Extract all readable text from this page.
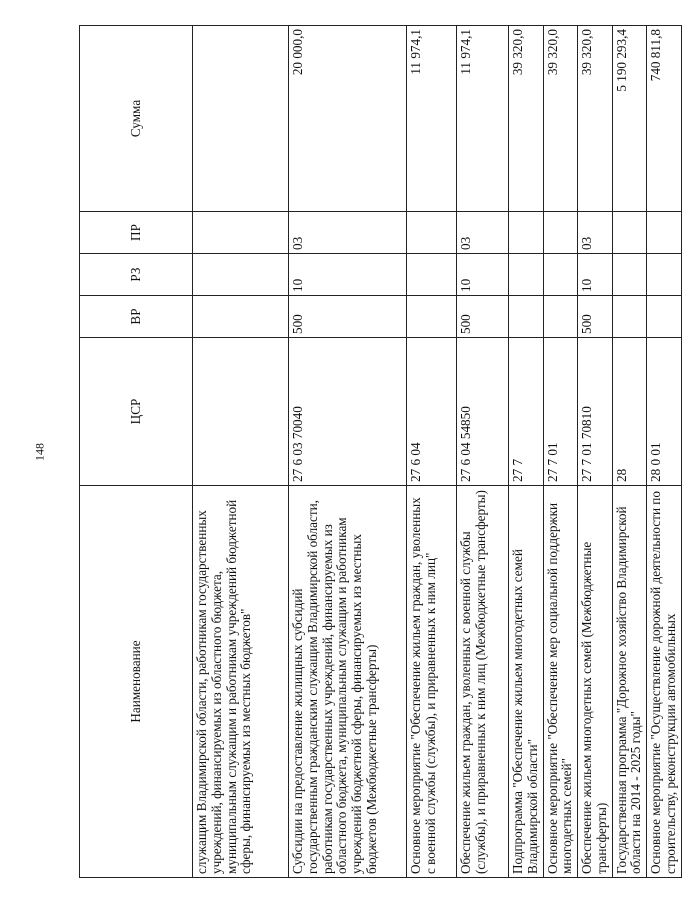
148
Наименование	ЦСР	ВР	РЗ	ПР	Сумма
служащим Владимирской области, работникам государственных учреждений, финансируемых из областного бюджета, муниципальным служащим и работникам учреждений бюджетной сферы, финансируемых из местных бюджетов"					
Субсидии на предоставление жилищных субсидий государственным гражданским служащим Владимирской области, работникам государственных учреждений, финансируемых из областного бюджета, муниципальным служащим и работникам учреждений бюджетной сферы, финансируемых из местных бюджетов (Межбюджетные трансферты)	27 6 03 70040	500	10	03	20 000,0
Основное мероприятие "Обеспечение жильем граждан, уволенных с военной службы (службы), и приравненных к ним лиц"	27 6 04				11 974,1
Обеспечение жильем граждан, уволенных с военной службы (службы), и приравненных к ним лиц (Межбюджетные трансферты)	27 6 04 54850	500	10	03	11 974,1
Подпрограмма "Обеспечение жильем многодетных семей Владимирской области"	27 7				39 320,0
Основное мероприятие "Обеспечение мер социальной поддержки многодетных семей"	27 7 01				39 320,0
Обеспечение жильем многодетных семей (Межбюджетные трансферты)	27 7 01 70810	500	10	03	39 320,0
Государственная программа "Дорожное хозяйство Владимирской области на 2014 - 2025 годы"	28				5 190 293,4
Основное мероприятие "Осуществление дорожной деятельности по строительству, реконструкции автомобильных	28 0 01				740 811,8
